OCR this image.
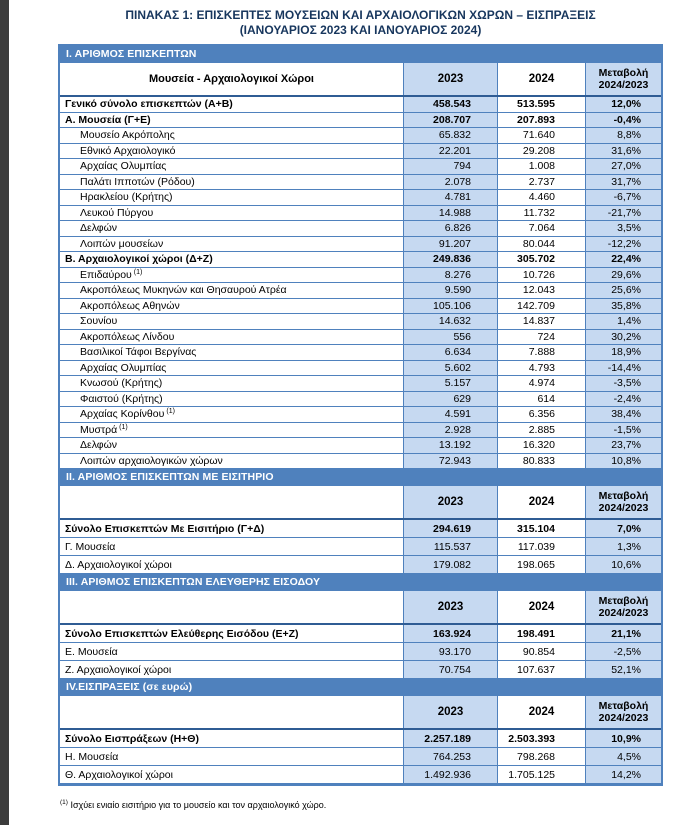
ΠΙΝΑΚΑΣ 1: ΕΠΙΣΚΕΠΤΕΣ ΜΟΥΣΕΙΩΝ ΚΑΙ ΑΡΧΑΙΟΛΟΓΙΚΩΝ ΧΩΡΩΝ – ΕΙΣΠΡΑΞΕΙΣ
(ΙΑΝΟΥΑΡΙΟΣ 2023 ΚΑΙ ΙΑΝΟΥΑΡΙΟΣ 2024)
Ι. ΑΡΙΘΜΟΣ ΕΠΙΣΚΕΠΤΩΝ
Μουσεία - Αρχαιολογικοί Χώροι	2023	2024	Μεταβολή
2024/2023
Γενικό σύνολο επισκεπτών (Α+Β)	458.543	513.595	12,0%
Α. Μουσεία (Γ+Ε)	208.707	207.893	-0,4%
Μουσείο Ακρόπολης	65.832	71.640	8,8%
Εθνικό Αρχαιολογικό	22.201	29.208	31,6%
Αρχαίας Ολυμπίας	794	1.008	27,0%
Παλάτι Ιπποτών (Ρόδου)	2.078	2.737	31,7%
Ηρακλείου (Κρήτης)	4.781	4.460	-6,7%
Λευκού Πύργου	14.988	11.732	-21,7%
Δελφών	6.826	7.064	3,5%
Λοιπών μουσείων	91.207	80.044	-12,2%
Β. Αρχαιολογικοί χώροι (Δ+Ζ)	249.836	305.702	22,4%
Επιδαύρου (1)	8.276	10.726	29,6%
Ακροπόλεως Μυκηνών και Θησαυρού Ατρέα	9.590	12.043	25,6%
Ακροπόλεως Αθηνών	105.106	142.709	35,8%
Σουνίου	14.632	14.837	1,4%
Ακροπόλεως Λίνδου	556	724	30,2%
Βασιλικοί Τάφοι Βεργίνας	6.634	7.888	18,9%
Αρχαίας Ολυμπίας	5.602	4.793	-14,4%
Κνωσού (Κρήτης)	5.157	4.974	-3,5%
Φαιστού (Κρήτης)	629	614	-2,4%
Αρχαίας Κορίνθου (1)	4.591	6.356	38,4%
Μυστρά (1)	2.928	2.885	-1,5%
Δελφών	13.192	16.320	23,7%
Λοιπών αρχαιολογικών χώρων	72.943	80.833	10,8%
ΙΙ. ΑΡΙΘΜΟΣ ΕΠΙΣΚΕΠΤΩΝ ΜΕ ΕΙΣΙΤΗΡΙΟ
2023	2024	Μεταβολή
2024/2023
Σύνολο Επισκεπτών Με Εισιτήριο (Γ+Δ)	294.619	315.104	7,0%
Γ. Μουσεία	115.537	117.039	1,3%
Δ. Αρχαιολογικοί χώροι	179.082	198.065	10,6%
ΙΙΙ. ΑΡΙΘΜΟΣ ΕΠΙΣΚΕΠΤΩΝ ΕΛΕΥΘΕΡΗΣ ΕΙΣΟΔΟΥ
2023	2024	Μεταβολή
2024/2023
Σύνολο Επισκεπτών Ελεύθερης Εισόδου (Ε+Ζ)	163.924	198.491	21,1%
Ε. Μουσεία	93.170	90.854	-2,5%
Ζ. Αρχαιολογικοί χώροι	70.754	107.637	52,1%
IV.ΕΙΣΠΡΑΞΕΙΣ (σε ευρώ)
2023	2024	Μεταβολή
2024/2023
Σύνολο Εισπράξεων (Η+Θ)	2.257.189	2.503.393	10,9%
Η. Μουσεία	764.253	798.268	4,5%
Θ. Αρχαιολογικοί χώροι	1.492.936	1.705.125	14,2%
$^{(1)}$ Ισχύει ενιαίο εισιτήριο για το μουσείο και τον αρχαιολογικό χώρο.
